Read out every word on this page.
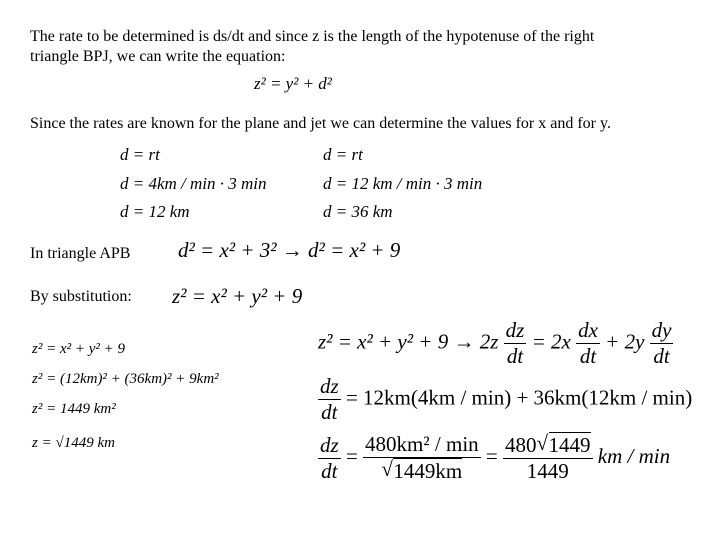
The rate to be determined is ds/dt and since z is the length of the hypotenuse of the right
triangle BPJ, we can write the equation:
z² = y² + d²
Since the rates are known for the plane and jet we can determine the values for x and for y.
d = rt
d = 4km / min · 3 min
d = 12 km
d = rt
d = 12 km / min · 3 min
d = 36 km
In triangle APB d² = x² + 3² → d² = x² + 9
By substitution: z² = x² + y² + 9
z² = x² + y² + 9
z² = (12km)² + (36km)² + 9km²
z² = 1449 km²
z = √1449 km
$z^2 = x^2 + y^2 + 9 \to 2z \frac{dz}{dt} = 2x \frac{dx}{dt} + 2y \frac{dy}{dt}$
$\frac{dz}{dt} = 12km(4km / \min) + 36km(12km / \min)$
$\frac{dz}{dt} = 480km^2 / \min$
√ $1449km = \frac{480√ 1449}{1449}$ km / min
